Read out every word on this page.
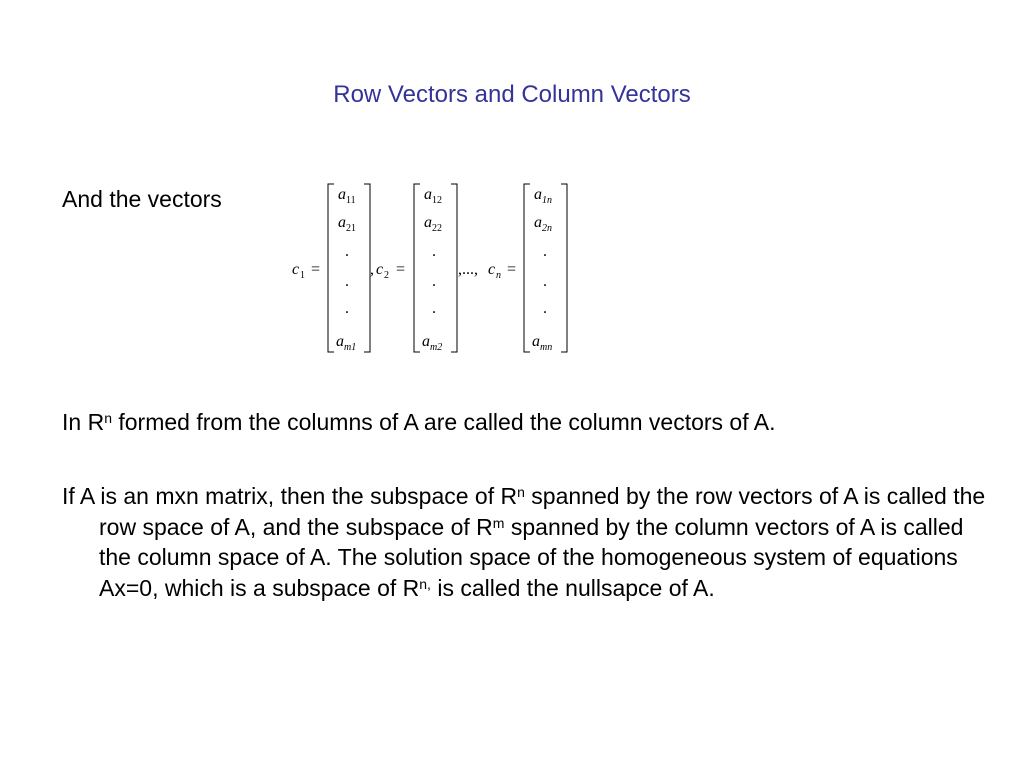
Row Vectors and Column Vectors
And the vectors
c 1 =	, c 2 =	,..., c n =
a 11
a 21
.
.
.
a m1
a 12
a 22
.
.
.
a m2
a 1n
a 2n
.
.
.
a mn

In $R^n$ formed from the columns of A are called the column vectors of A.

If A is an mxn matrix, then the subspace of $R^n$ spanned by the row vectors of A is called the row space of A, and the subspace of $R^m$ spanned by the column vectors of A is called the column space of A. The solution space of the homogeneous system of equations Ax=0, which is a subspace of $R^{n,}$ is called the nullsapce of A.
